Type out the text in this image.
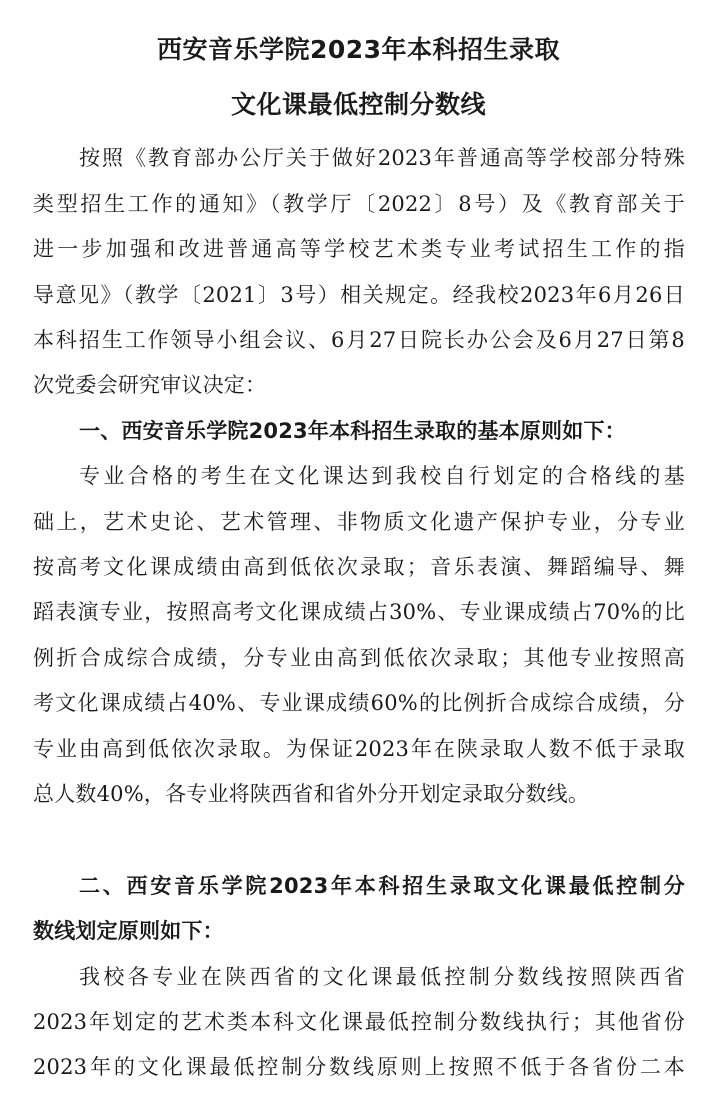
西安音乐学院2023年本科招生录取
文化课最低控制分数线
按照《教育部办公厅关于做好2023年普通高等学校部分特殊
类型招生工作的通知》（教学厅〔2022〕8号）及《教育部关于
进一步加强和改进普通高等学校艺术类专业考试招生工作的指
导意见》（教学〔2021〕3号）相关规定。经我校2023年6月26日
本科招生工作领导小组会议、6月27日院长办公会及6月27日第8
次党委会研究审议决定：
一、西安音乐学院2023年本科招生录取的基本原则如下：
专业合格的考生在文化课达到我校自行划定的合格线的基
础上，艺术史论、艺术管理、非物质文化遗产保护专业，分专业
按高考文化课成绩由高到低依次录取；音乐表演、舞蹈编导、舞
蹈表演专业，按照高考文化课成绩占30%、专业课成绩占70%的比
例折合成综合成绩，分专业由高到低依次录取；其他专业按照高
考文化课成绩占40%、专业课成绩60%的比例折合成综合成绩，分
专业由高到低依次录取。为保证2023年在陕录取人数不低于录取
总人数40%，各专业将陕西省和省外分开划定录取分数线。
二、西安音乐学院2023年本科招生录取文化课最低控制分
数线划定原则如下：
我校各专业在陕西省的文化课最低控制分数线按照陕西省
2023年划定的艺术类本科文化课最低控制分数线执行；其他省份
2023年的文化课最低控制分数线原则上按照不低于各省份二本
